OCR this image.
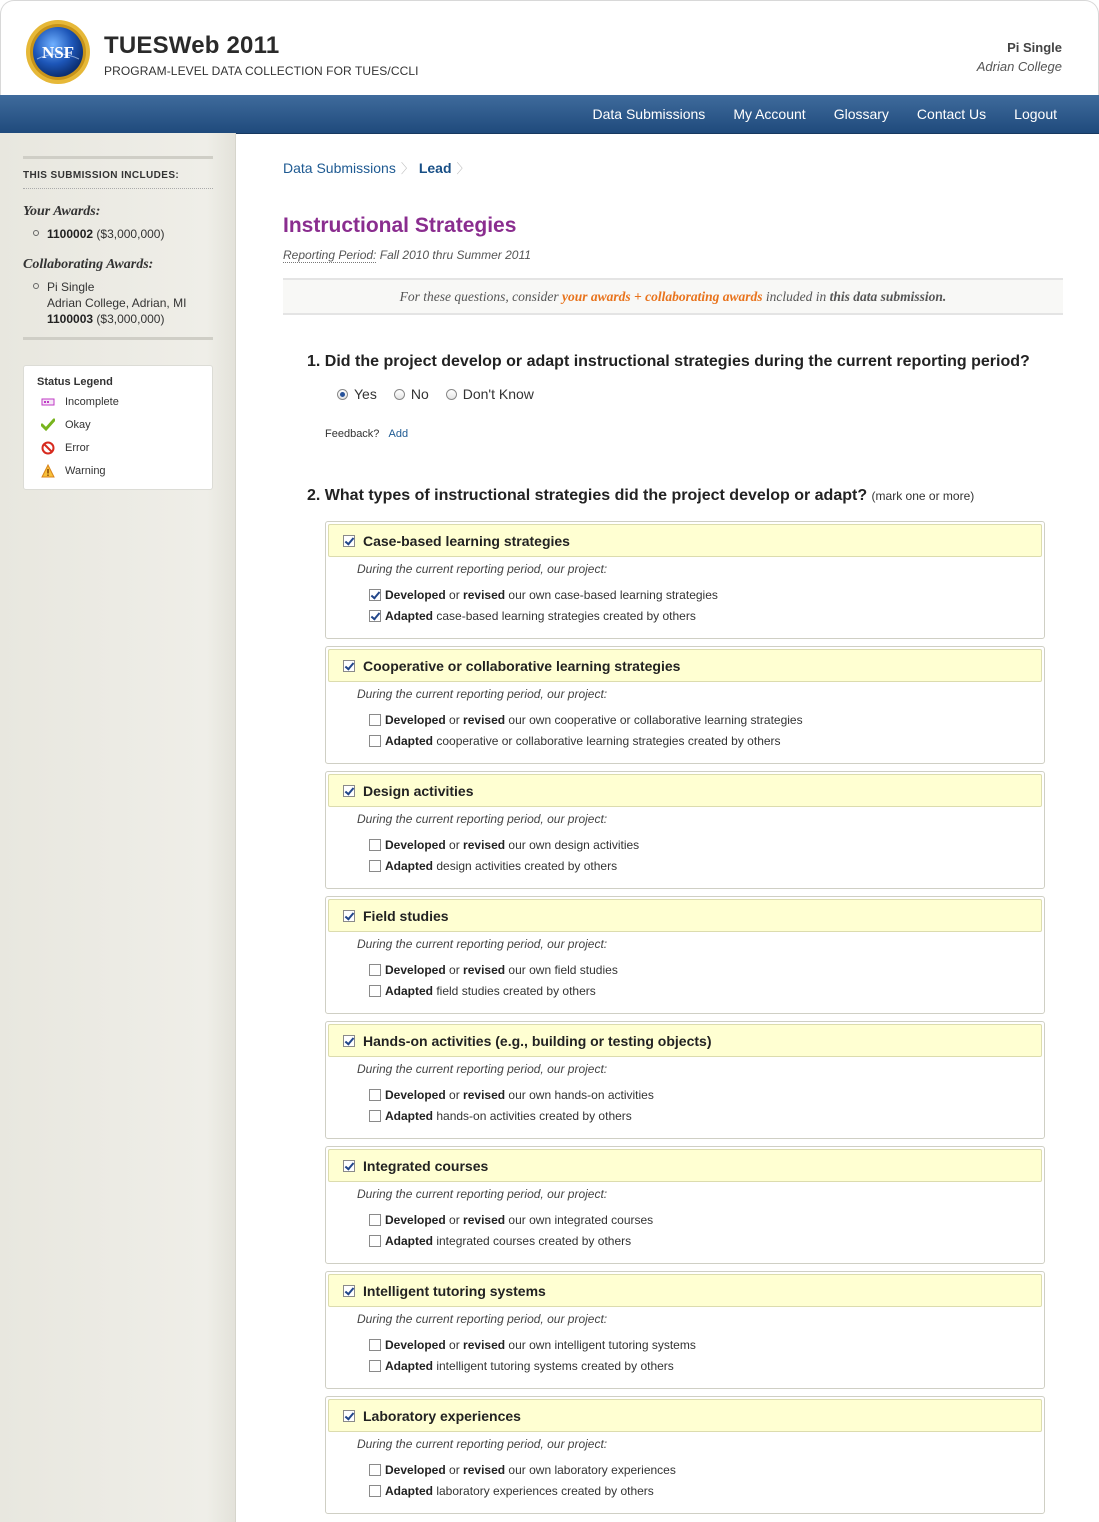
NSF TUESWeb 2011
PROGRAM-LEVEL DATA COLLECTION FOR TUES/CCLI
Pi Single
Adrian College
Data Submissions My Account Glossary Contact Us Logout
THIS SUBMISSION INCLUDES:
Your Awards:
1100002 ($3,000,000)
Collaborating Awards:
Pi Single
Adrian College, Adrian, MI
1100003 ($3,000,000)
Status Legend
Incomplete
Okay
Error
Warning
Data Submissions 〉 Lead 〉
Instructional Strategies
Reporting Period: Fall 2010 thru Summer 2011
For these questions, consider your awards + collaborating awards included in this data submission.
1. Did the project develop or adapt instructional strategies during the current reporting period?
Yes No Don't Know
Feedback? Add
2. What types of instructional strategies did the project develop or adapt? (mark one or more)
Case-based learning strategies
During the current reporting period, our project:
Developed
or
revised
our own case-based learning strategies
Adapted
case-based learning strategies created by others
Cooperative or collaborative learning strategies
During the current reporting period, our project:
Developed
or
revised
our own cooperative or collaborative learning strategies
Adapted
cooperative or collaborative learning strategies created by others
Design activities
During the current reporting period, our project:
Developed
or
revised
our own design activities
Adapted
design activities created by others
Field studies
During the current reporting period, our project:
Developed
or
revised
our own field studies
Adapted
field studies created by others
Hands-on activities (e.g., building or testing objects)
During the current reporting period, our project:
Developed
or
revised
our own hands-on activities
Adapted
hands-on activities created by others
Integrated courses
During the current reporting period, our project:
Developed
or
revised
our own integrated courses
Adapted
integrated courses created by others
Intelligent tutoring systems
During the current reporting period, our project:
Developed
or
revised
our own intelligent tutoring systems
Adapted
intelligent tutoring systems created by others
Laboratory experiences
During the current reporting period, our project:
Developed
or
revised
our own laboratory experiences
Adapted
laboratory experiences created by others
